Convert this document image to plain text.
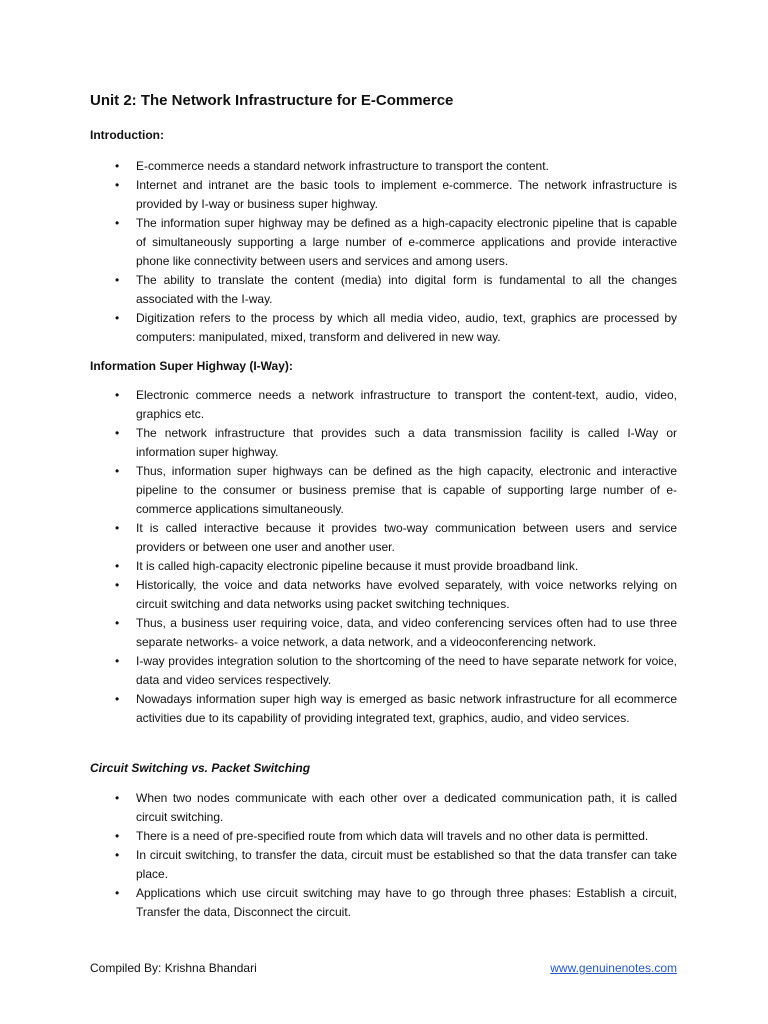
Unit 2: The Network Infrastructure for E-Commerce

Introduction:

•	E-commerce needs a standard network infrastructure to transport the content.
•	Internet and intranet are the basic tools to implement e-commerce. The network infrastructure is provided by I-way or business super highway.
•	The information super highway may be defined as a high-capacity electronic pipeline that is capable of simultaneously supporting a large number of e-commerce applications and provide interactive phone like connectivity between users and services and among users.
•	The ability to translate the content (media) into digital form is fundamental to all the changes associated with the I-way.
•	Digitization refers to the process by which all media video, audio, text, graphics are processed by computers: manipulated, mixed, transform and delivered in new way.

Information Super Highway (I-Way):

•	Electronic commerce needs a network infrastructure to transport the content-text, audio, video, graphics etc.
•	The network infrastructure that provides such a data transmission facility is called I-Way or information super highway.
•	Thus, information super highways can be defined as the high capacity, electronic and interactive pipeline to the consumer or business premise that is capable of supporting large number of e-commerce applications simultaneously.
•	It is called interactive because it provides two-way communication between users and service providers or between one user and another user.
•	It is called high-capacity electronic pipeline because it must provide broadband link.
•	Historically, the voice and data networks have evolved separately, with voice networks relying on circuit switching and data networks using packet switching techniques.
•	Thus, a business user requiring voice, data, and video conferencing services often had to use three separate networks- a voice network, a data network, and a videoconferencing network.
•	I-way provides integration solution to the shortcoming of the need to have separate network for voice, data and video services respectively.
•	Nowadays information super high way is emerged as basic network infrastructure for all ecommerce activities due to its capability of providing integrated text, graphics, audio, and video services.

Circuit Switching vs. Packet Switching

•	When two nodes communicate with each other over a dedicated communication path, it is called circuit switching.
•	There is a need of pre-specified route from which data will travels and no other data is permitted.
•	In circuit switching, to transfer the data, circuit must be established so that the data transfer can take place.
•	Applications which use circuit switching may have to go through three phases: Establish a circuit, Transfer the data, Disconnect the circuit.

Compiled By: Krishna Bhandari	www.genuinenotes.com
